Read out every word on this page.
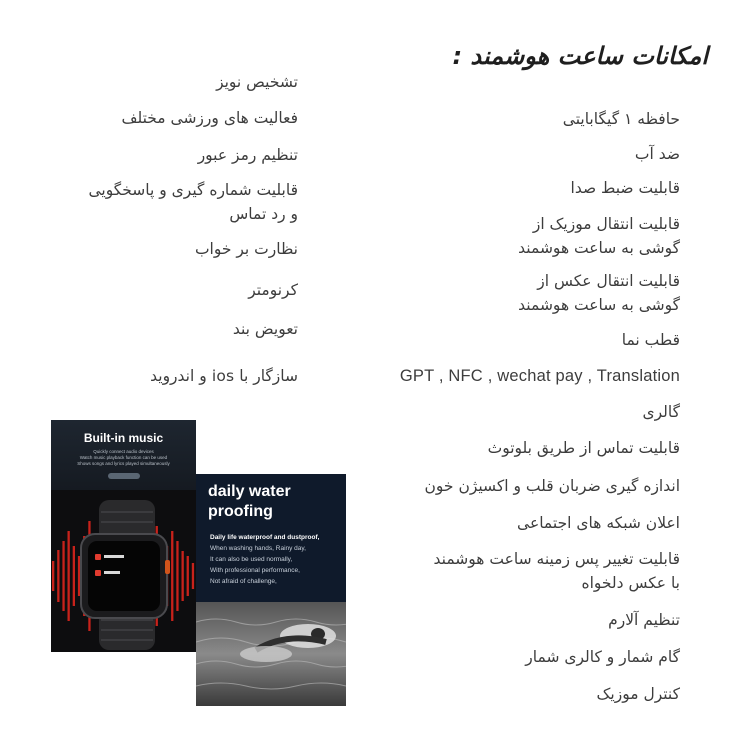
امکانات ساعت هوشمند :
حافظه ۱ گیگابایتی
ضد آب
قابلیت ضبط صدا
قابلیت انتقال موزیک از
گوشی به ساعت هوشمند
قابلیت انتقال عکس از
گوشی به ساعت هوشمند
قطب نما
GPT , NFC , wechat pay , Translation
گالری
قابلیت تماس از طریق بلوتوث
اندازه گیری ضربان قلب و اکسیژن خون
اعلان شبکه های اجتماعی
قابلیت تغییر پس زمینه ساعت هوشمند
با عکس دلخواه
تنظیم آلارم
گام شمار و کالری شمار
کنترل موزیک
تشخیص نویز
فعالیت های ورزشی مختلف
تنظیم رمز عبور
قابلیت شماره گیری و پاسخگویی
و رد تماس
نظارت بر خواب
کرنومتر
تعویض بند
سازگار با ios و اندروید
Built-in music
Quickly connect audio devices
Watch music playback function can be used
Shows songs and lyrics played simultaneously
daily water proofing
Daily life waterproof and dustproof,
When washing hands, Rainy day,
It can also be used normally,
With professional performance,
Not afraid of challenge,
